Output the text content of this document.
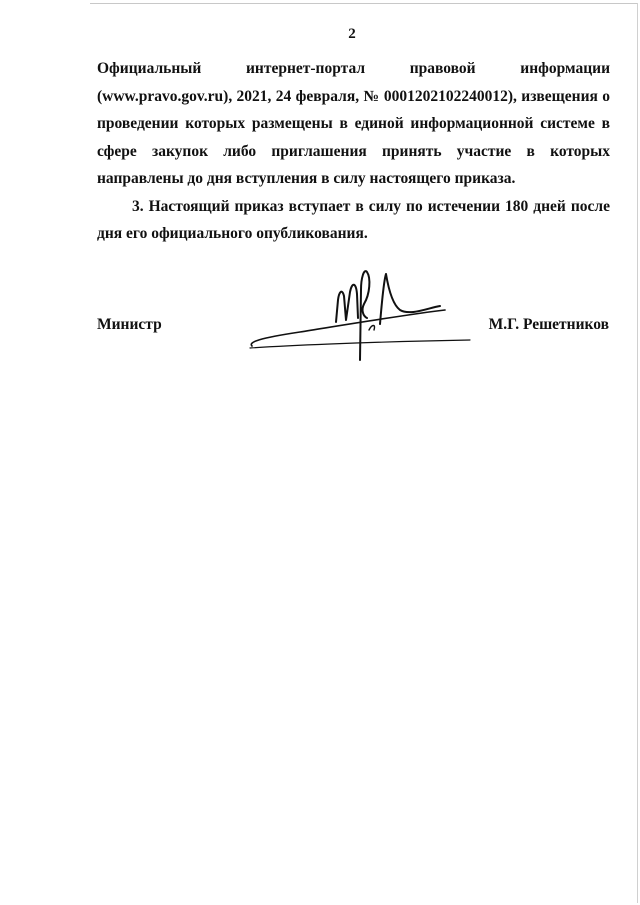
2

Официальный интернет-портал правовой информации (www.pravo.gov.ru), 2021, 24 февраля, № 0001202102240012), извещения о проведении которых размещены в единой информационной системе в сфере закупок либо приглашения принять участие в которых направлены до дня вступления в силу настоящего приказа.

3. Настоящий приказ вступает в силу по истечении 180 дней после дня его официального опубликования.

Министр	М.Г. Решетников
